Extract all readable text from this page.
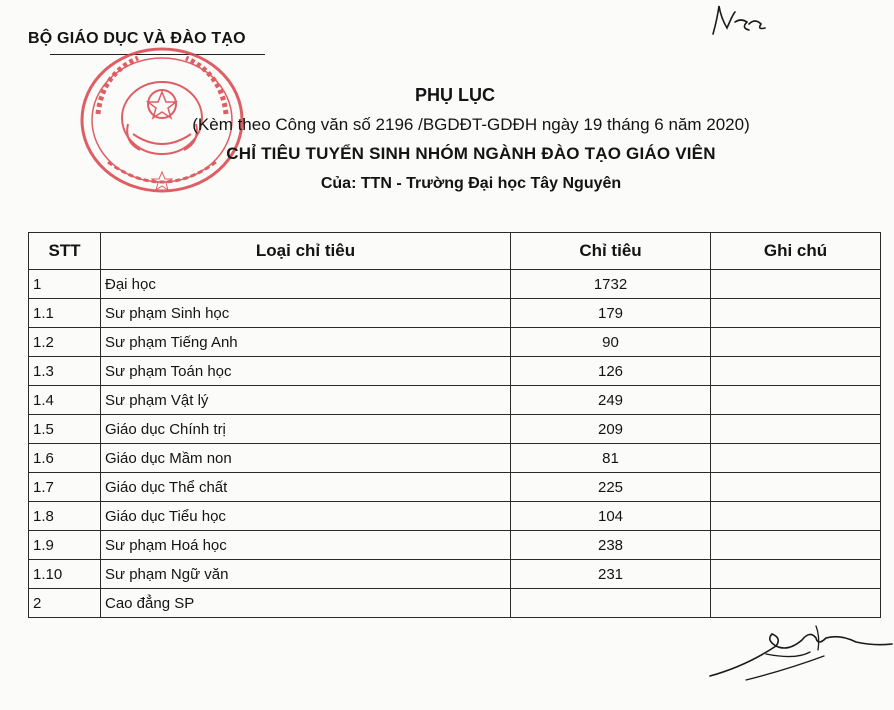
BỘ GIÁO DỤC VÀ ĐÀO TẠO
PHỤ LỤC
(Kèm theo Công văn số 2196 /BGDĐT-GDĐH ngày 19 tháng 6 năm 2020)
CHỈ TIÊU TUYỂN SINH NHÓM NGÀNH ĐÀO TẠO GIÁO VIÊN
Của: TTN - Trường Đại học Tây Nguyên
STT	Loại chỉ tiêu	Chỉ tiêu	Ghi chú
1	Đại học	1732	
1.1	Sư phạm Sinh học	179	
1.2	Sư phạm Tiếng Anh	90	
1.3	Sư phạm Toán học	126	
1.4	Sư phạm Vật lý	249	
1.5	Giáo dục Chính trị	209	
1.6	Giáo dục Mầm non	81	
1.7	Giáo dục Thể chất	225	
1.8	Giáo dục Tiểu học	104	
1.9	Sư phạm Hoá học	238	
1.10	Sư phạm Ngữ văn	231	
2	Cao đẳng SP		
